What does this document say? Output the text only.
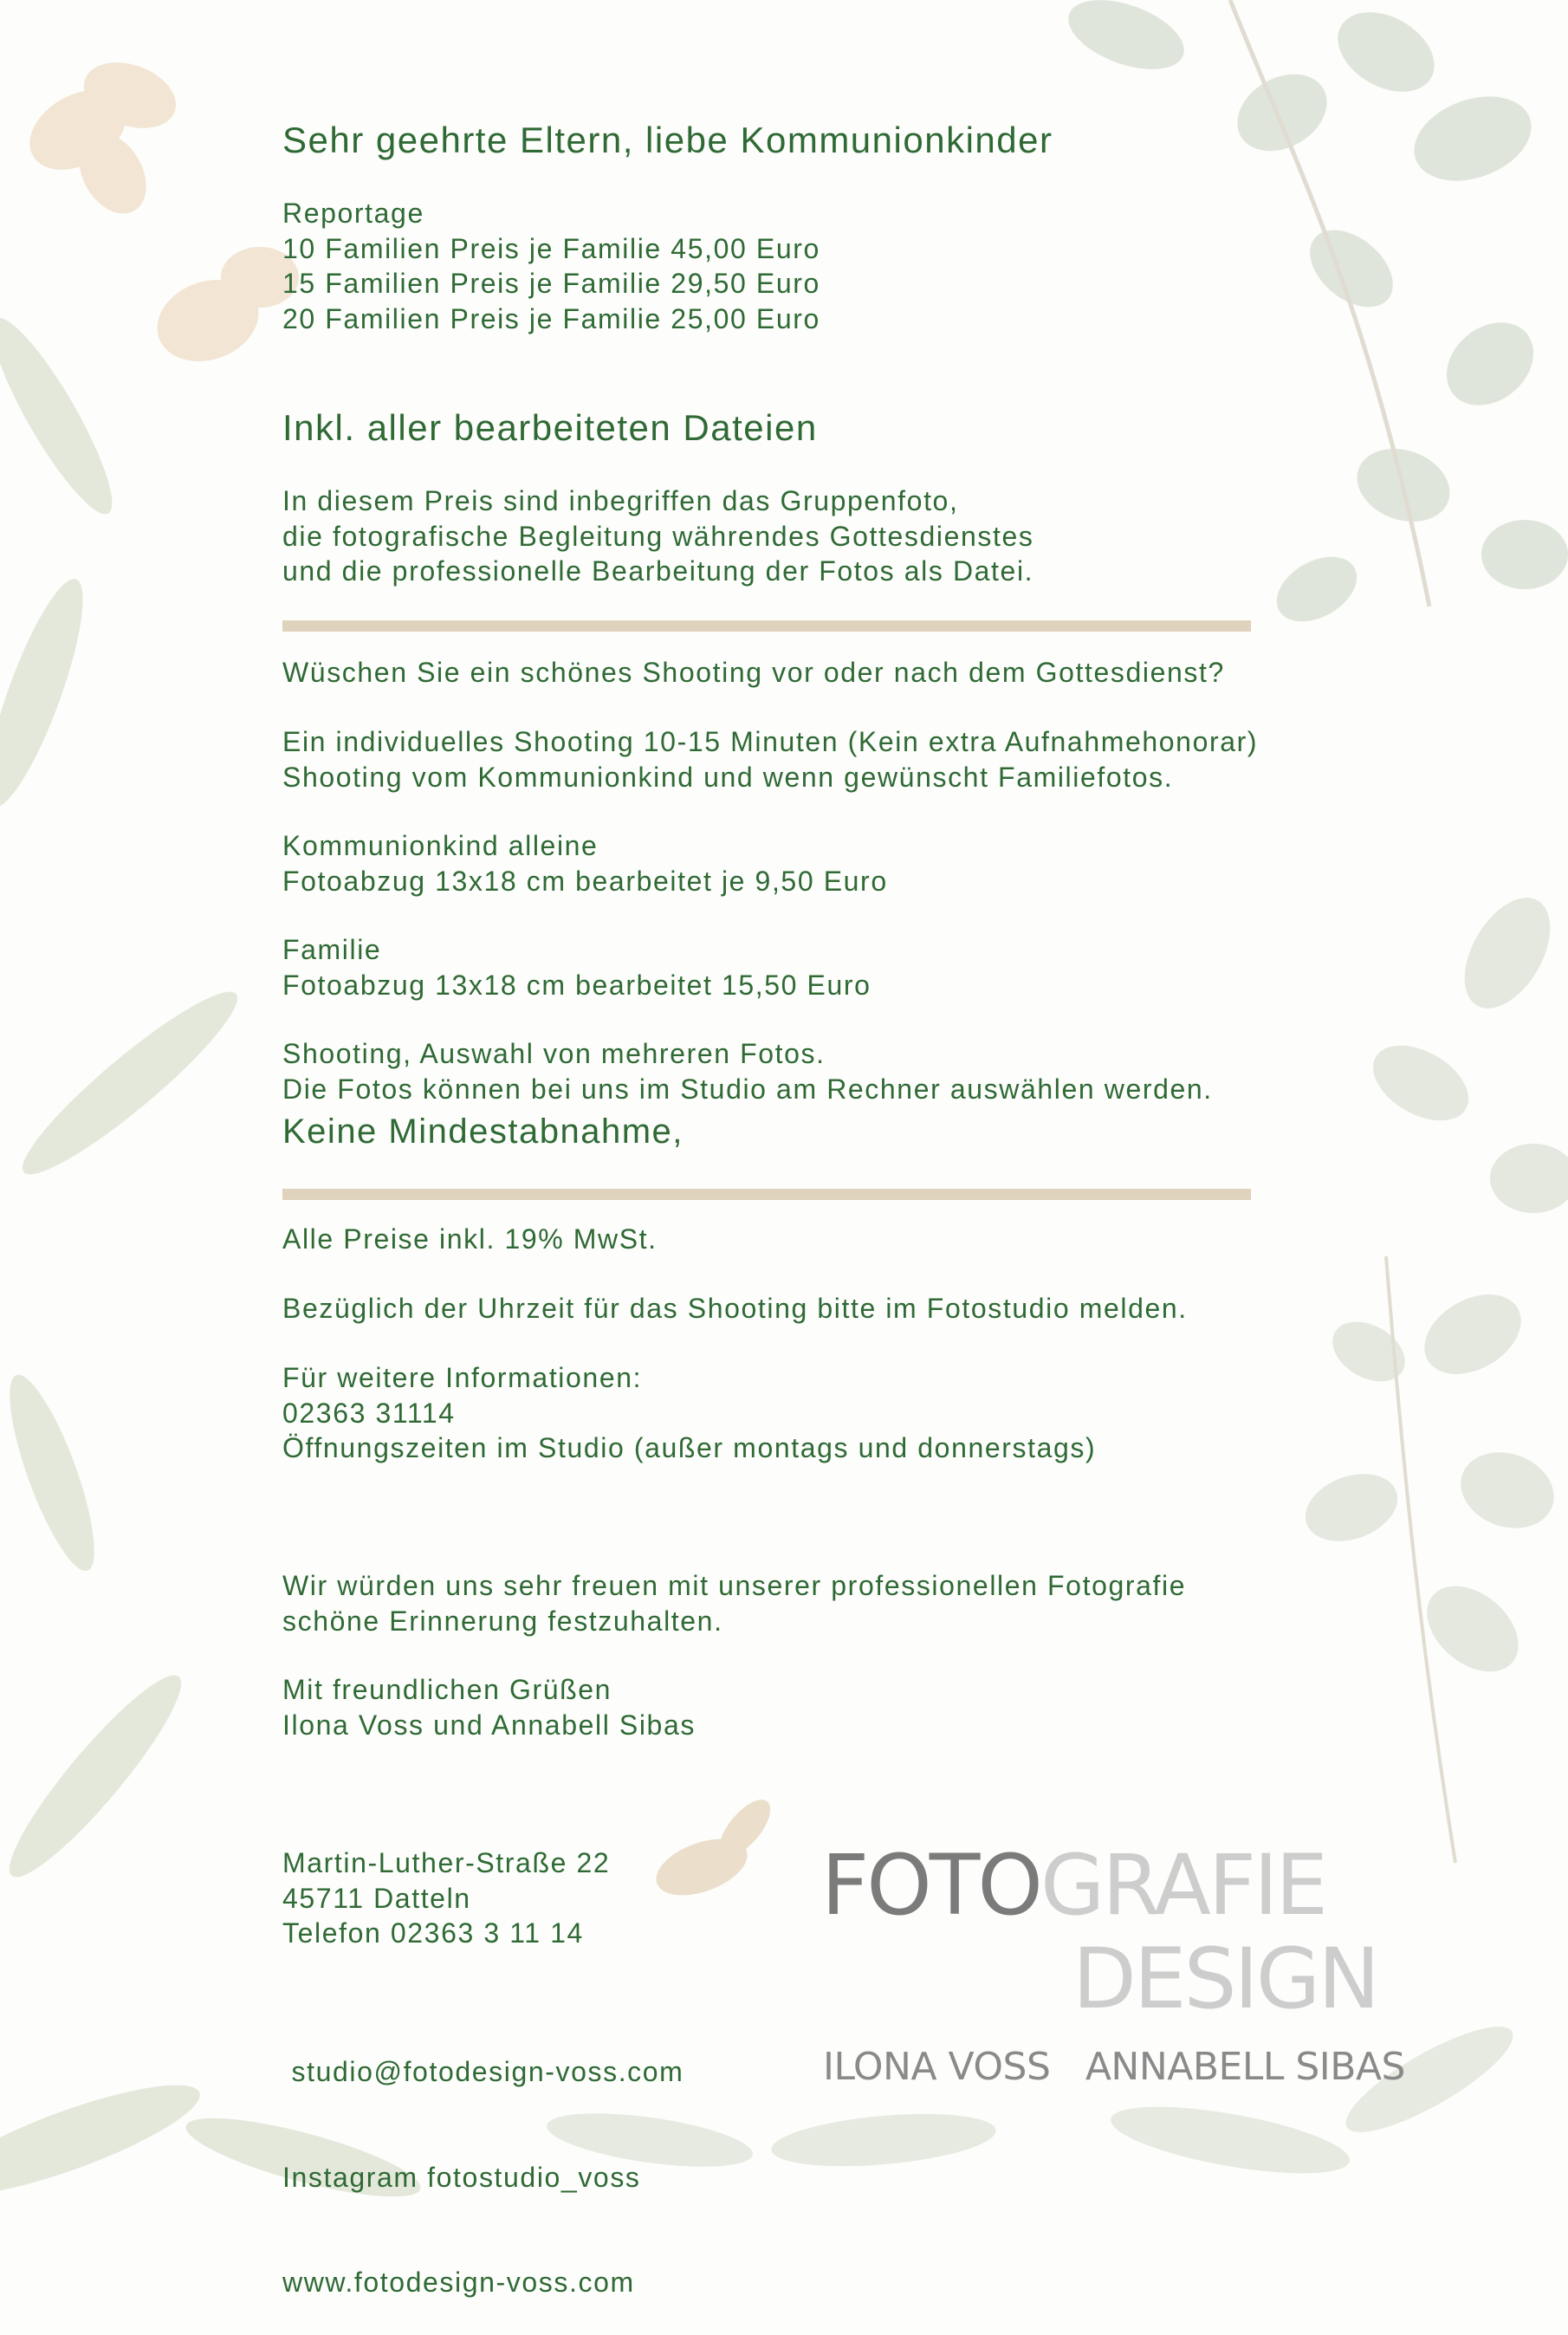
Sehr geehrte Eltern, liebe Kommunionkinder
Reportage
10 Familien Preis je Familie 45,00 Euro
15 Familien Preis je Familie 29,50 Euro
20 Familien Preis je Familie 25,00 Euro
Inkl. aller bearbeiteten Dateien
In diesem Preis sind inbegriffen das Gruppenfoto,
die fotografische Begleitung währendes Gottesdienstes
und die professionelle Bearbeitung der Fotos als Datei.
Wüschen Sie ein schönes Shooting vor oder nach dem Gottesdienst?
Ein individuelles Shooting 10-15 Minuten (Kein extra Aufnahmehonorar)
Shooting vom Kommunionkind und wenn gewünscht Familiefotos.
Kommunionkind alleine
Fotoabzug 13x18 cm bearbeitet je 9,50 Euro
Familie
Fotoabzug 13x18 cm bearbeitet 15,50 Euro
Shooting, Auswahl von mehreren Fotos.
Die Fotos können bei uns im Studio am Rechner auswählen werden.
Keine Mindestabnahme,
Alle Preise inkl. 19% MwSt.
Bezüglich der Uhrzeit für das Shooting bitte im Fotostudio melden.
Für weitere Informationen:
02363 31114
Öffnungszeiten im Studio (außer montags und donnerstags)
Wir würden uns sehr freuen mit unserer professionellen Fotografie
schöne Erinnerung festzuhalten.
Mit freundlichen Grüßen
Ilona Voss und Annabell Sibas
Martin-Luther-Straße 22
45711 Datteln
Telefon 02363 3 11 14

studio@fotodesign-voss.com

Instagram fotostudio_voss

www.fotodesign-voss.com

FOTOGRAFIE
DESIGN
ILONA VOSS   ANNABELL SIBAS
